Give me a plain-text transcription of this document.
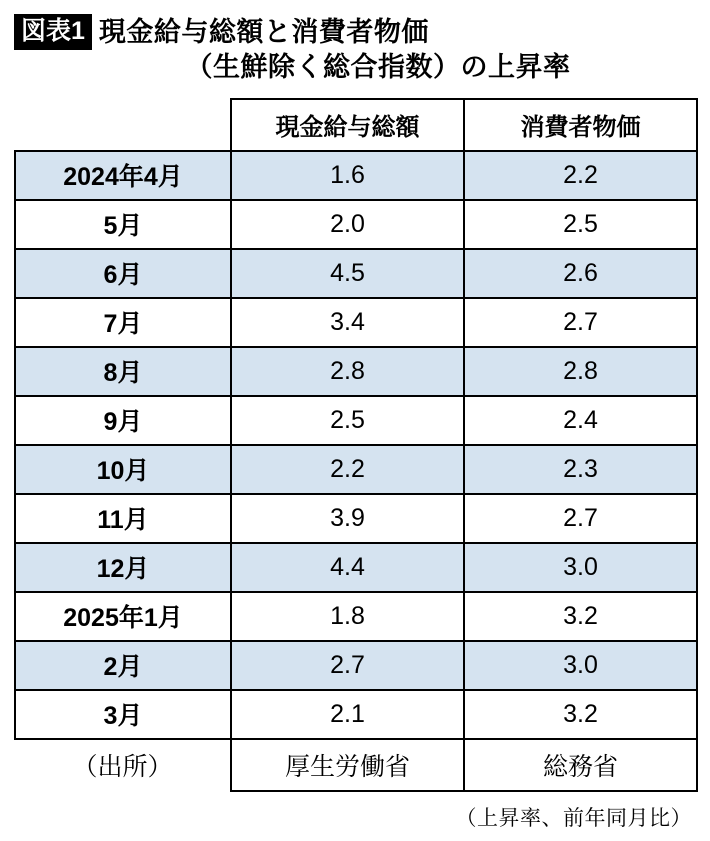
図表1 現金給与総額と消費者物価
（生鮮除く総合指数）の上昇率
	現金給与総額	消費者物価
2024年4月	1.6	2.2
5月	2.0	2.5
6月	4.5	2.6
7月	3.4	2.7
8月	2.8	2.8
9月	2.5	2.4
10月	2.2	2.3
11月	3.9	2.7
12月	4.4	3.0
2025年1月	1.8	3.2
2月	2.7	3.0
3月	2.1	3.2
（出所）	厚生労働省	総務省
（上昇率、前年同月比）
